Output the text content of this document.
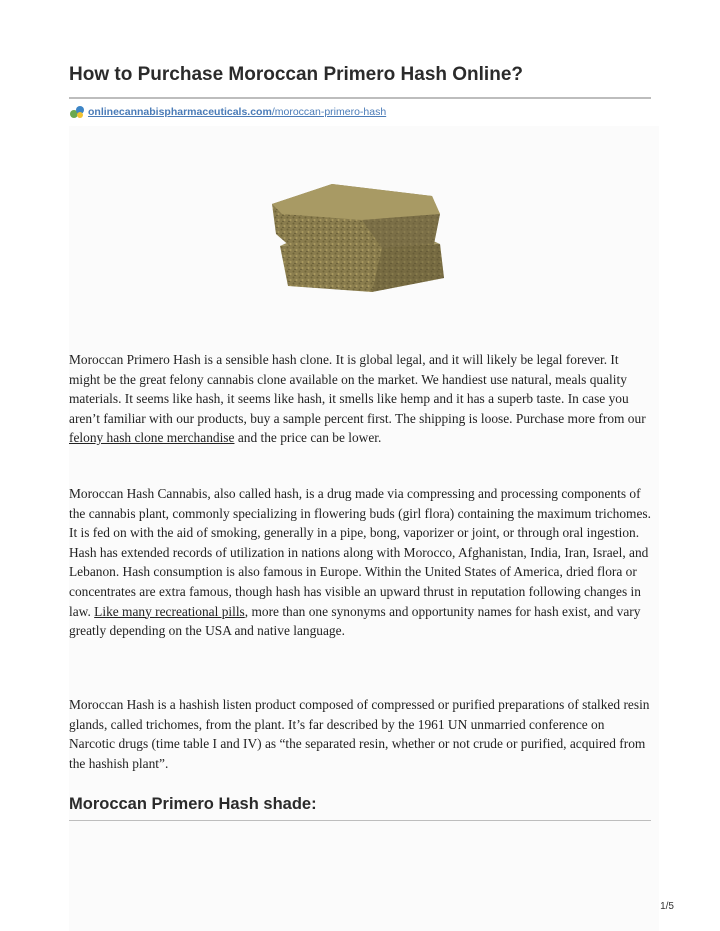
How to Purchase Moroccan Primero Hash Online?
onlinecannabispharmaceuticals.com /moroccan-primero-hash

Moroccan Primero Hash is a sensible hash clone. It is global legal, and it will likely be legal forever. It might be the great felony cannabis clone available on the market. We handiest use natural, meals quality materials. It seems like hash, it seems like hash, it smells like hemp and it has a superb taste. In case you aren’t familiar with our products, buy a sample percent first. The shipping is loose. Purchase more from our felony hash clone merchandise and the price can be lower.

Moroccan Hash Cannabis, also called hash, is a drug made via compressing and processing components of the cannabis plant, commonly specializing in flowering buds (girl flora) containing the maximum trichomes. It is fed on with the aid of smoking, generally in a pipe, bong, vaporizer or joint, or through oral ingestion. Hash has extended records of utilization in nations along with Morocco, Afghanistan, India, Iran, Israel, and Lebanon. Hash consumption is also famous in Europe. Within the United States of America, dried flora or concentrates are extra famous, though hash has visible an upward thrust in reputation following changes in law. Like many recreational pills, more than one synonyms and opportunity names for hash exist, and vary greatly depending on the USA and native language.

Moroccan Hash is a hashish listen product composed of compressed or purified preparations of stalked resin glands, called trichomes, from the plant. It’s far described by the 1961 UN unmarried conference on Narcotic drugs (time table I and IV) as “the separated resin, whether or not crude or purified, acquired from the hashish plant”.

Moroccan Primero Hash shade:
1/5
